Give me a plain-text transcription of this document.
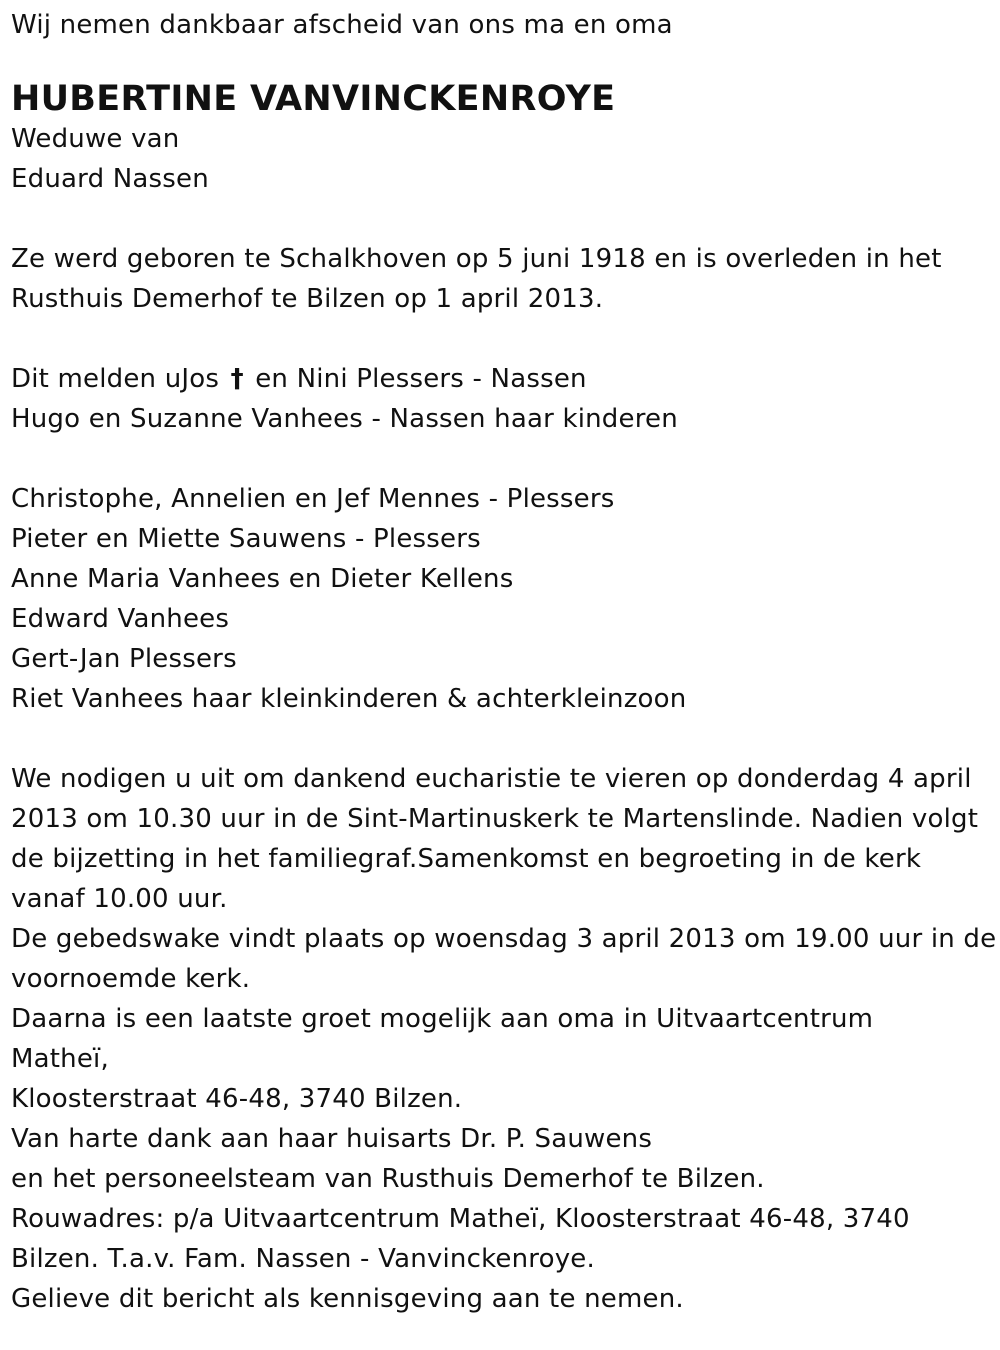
Wij nemen dankbaar afscheid van ons ma en oma
HUBERTINE VANVINCKENROYE
Weduwe van
Eduard Nassen
Ze werd geboren te Schalkhoven op 5 juni 1918 en is overleden in het
Rusthuis Demerhof te Bilzen op 1 april 2013.
Dit melden uJos † en Nini Plessers - Nassen
Hugo en Suzanne Vanhees - Nassen haar kinderen
Christophe, Annelien en Jef Mennes - Plessers
Pieter en Miette Sauwens - Plessers
Anne Maria Vanhees en Dieter Kellens
Edward Vanhees
Gert-Jan Plessers
Riet Vanhees haar kleinkinderen & achterkleinzoon
We nodigen u uit om dankend eucharistie te vieren op donderdag 4 april
2013 om 10.30 uur in de Sint-Martinuskerk te Martenslinde. Nadien volgt
de bijzetting in het familiegraf.Samenkomst en begroeting in de kerk
vanaf 10.00 uur.
De gebedswake vindt plaats op woensdag 3 april 2013 om 19.00 uur in de
voornoemde kerk.
Daarna is een laatste groet mogelijk aan oma in Uitvaartcentrum
Matheï,
Kloosterstraat 46-48, 3740 Bilzen.
Van harte dank aan haar huisarts Dr. P. Sauwens
en het personeelsteam van Rusthuis Demerhof te Bilzen.
Rouwadres: p/a Uitvaartcentrum Matheï, Kloosterstraat 46-48, 3740
Bilzen. T.a.v. Fam. Nassen - Vanvinckenroye.
Gelieve dit bericht als kennisgeving aan te nemen.
